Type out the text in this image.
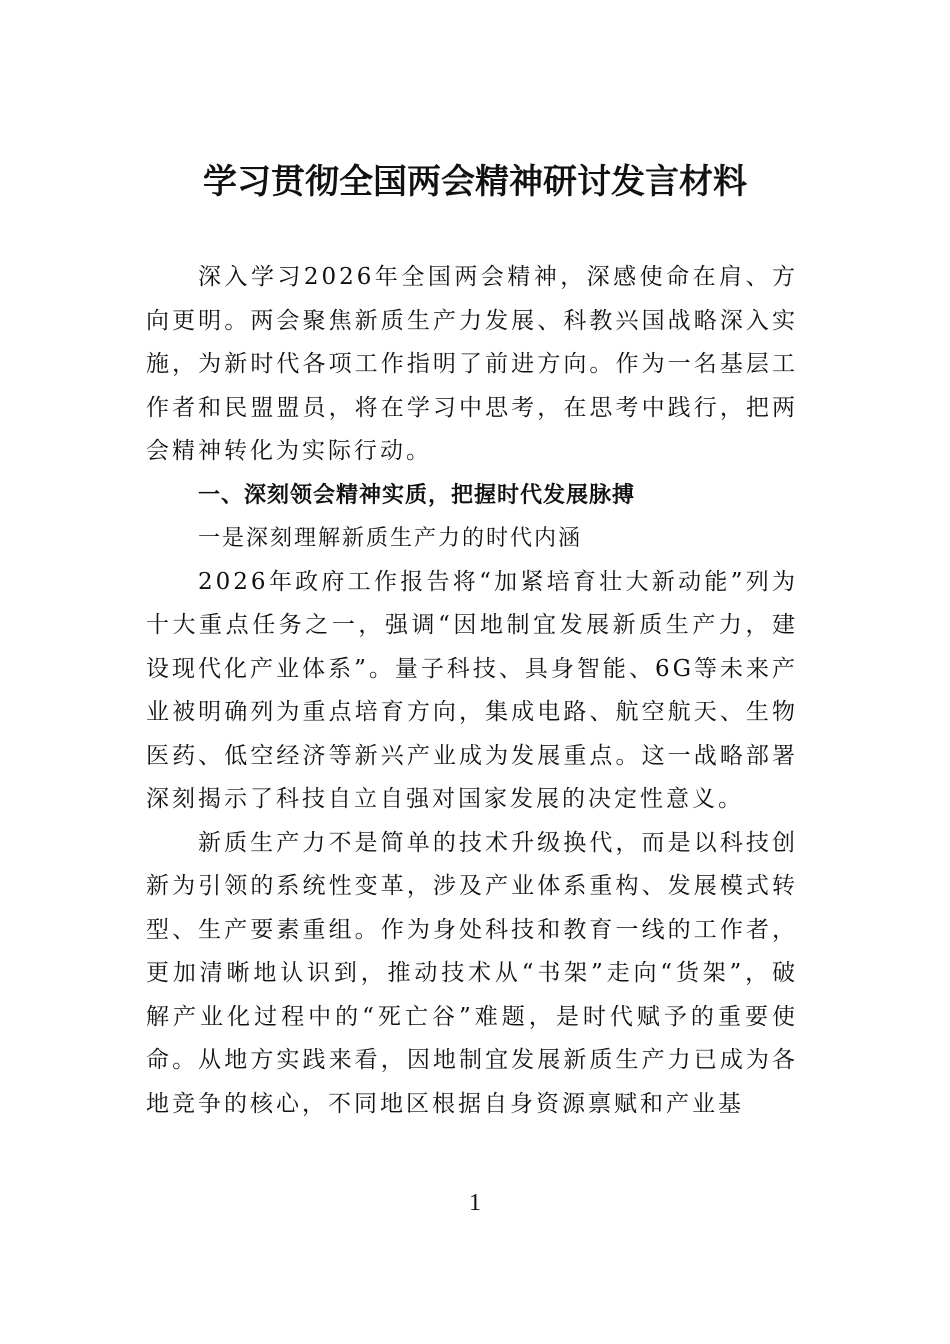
学习贯彻全国两会精神研讨发言材料

深入学习2026年全国两会精神，深感使命在肩、方向更明。两会聚焦新质生产力发展、科教兴国战略深入实施，为新时代各项工作指明了前进方向。作为一名基层工作者和民盟盟员，将在学习中思考，在思考中践行，把两会精神转化为实际行动。

一、深刻领会精神实质，把握时代发展脉搏

一是深刻理解新质生产力的时代内涵

2026年政府工作报告将“加紧培育壮大新动能”列为十大重点任务之一，强调“因地制宜发展新质生产力，建设现代化产业体系”。量子科技、具身智能、6G等未来产业被明确列为重点培育方向，集成电路、航空航天、生物医药、低空经济等新兴产业成为发展重点。这一战略部署深刻揭示了科技自立自强对国家发展的决定性意义。

新质生产力不是简单的技术升级换代，而是以科技创新为引领的系统性变革，涉及产业体系重构、发展模式转型、生产要素重组。作为身处科技和教育一线的工作者，更加清晰地认识到，推动技术从“书架”走向“货架”，破解产业化过程中的“死亡谷”难题，是时代赋予的重要使命。从地方实践来看，因地制宜发展新质生产力已成为各地竞争的核心，不同地区根据自身资源禀赋和产业基

1
